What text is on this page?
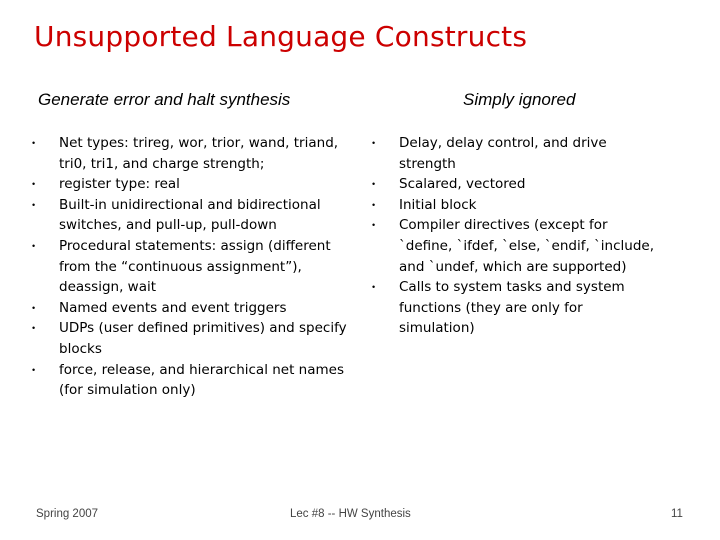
Unsupported Language Constructs
Generate error and halt synthesis	Simply ignored
•	Net types: trireg, wor, trior, wand, triand, tri0, tri1, and charge strength;
•	register type: real
•	Built-in unidirectional and bidirectional switches, and pull-up, pull-down
•	Procedural statements: assign (different from the “continuous assignment”), deassign, wait
•	Named events and event triggers
•	UDPs (user defined primitives) and specify blocks
•	force, release, and hierarchical net names (for simulation only)
•	Delay, delay control, and drive strength
•	Scalared, vectored
•	Initial block
•	Compiler directives (except for `define, `ifdef, `else, `endif, `include, and `undef, which are supported)
•	Calls to system tasks and system functions (they are only for simulation)
Spring 2007	Lec #8 -- HW Synthesis	11
